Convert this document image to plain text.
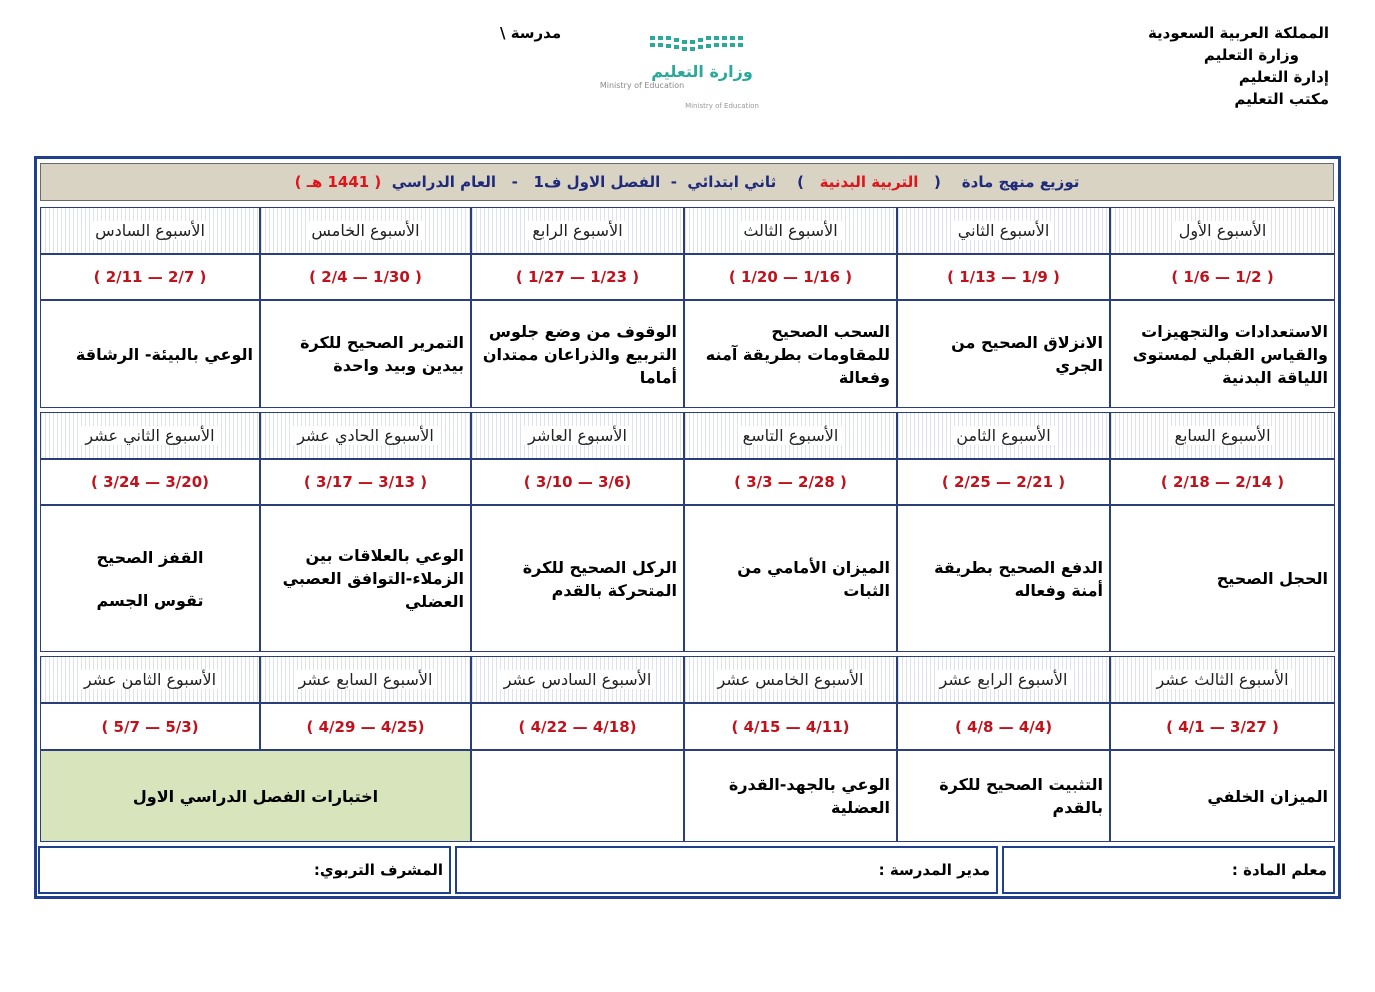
المملكة العربية السعودية
وزارة التعليم
إدارة التعليم
مكتب التعليم
مدرسة \
وزارة التعليم
Ministry of Education
Ministry of Education
توزيع منهج مادة    (   التربية البدنية   )    ثاني ابتدائي  -  الفصل الاول ف1   -   العام الدراسي  ( 1441 هـ )
الأسبوع الأول
( 1/2 — 1/6 )
الاستعدادات والتجهيزات والقياس القبلي لمستوى اللياقة البدنية
الأسبوع الثاني
( 1/9 — 1/13 )
الانزلاق الصحيح من الجري
الأسبوع الثالث
( 1/16 — 1/20 )
السحب الصحيح للمقاومات بطريقة آمنه وفعالة
الأسبوع الرابع
( 1/23 — 1/27 )
الوقوف من وضع جلوس التربيع والذراعان ممتدان أماما
الأسبوع الخامس
( 1/30 — 2/4 )
التمرير الصحيح للكرة بيدين وبيد واحدة
الأسبوع السادس
( 2/7 — 2/11 )
الوعي بالبيئة- الرشاقة
الأسبوع السابع
( 2/14 — 2/18 )
الحجل الصحيح
الأسبوع الثامن
( 2/21 — 2/25 )
الدفع الصحيح بطريقة أمنة وفعاله
الأسبوع التاسع
( 2/28 — 3/3 )
الميزان الأمامي من الثبات
الأسبوع العاشر
(3/6 — 3/10 )
الركل الصحيح للكرة المتحركة بالقدم
الأسبوع الحادي عشر
( 3/13 — 3/17 )
الوعي بالعلاقات بين الزملاء-التوافق العصبي العضلي
الأسبوع الثاني عشر
(3/20 — 3/24 )
القفز الصحيح
تقوس الجسم
الأسبوع الثالث عشر
( 3/27 — 4/1 )
الميزان الخلفي
الأسبوع الرابع عشر
(4/4 — 4/8 )
التثبيت الصحيح للكرة بالقدم
الأسبوع الخامس عشر
(4/11 — 4/15 )
الوعي بالجهد-القدرة العضلية
الأسبوع السادس عشر
(4/18 — 4/22 )
الأسبوع السابع عشر
(4/25 — 4/29 )
الأسبوع الثامن عشر
(5/3 — 5/7 )
اختبارات الفصل الدراسي الاول
معلم المادة :
مدير المدرسة :
المشرف التربوي:
